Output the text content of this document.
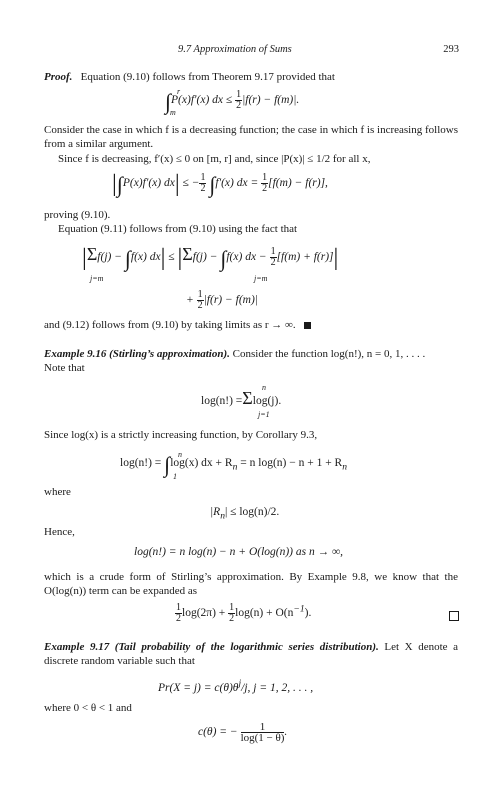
9.7 Approximation of Sums	293
Proof. Equation (9.10) follows from Theorem 9.17 provided that
∫P(x)f′(x) dx ≤ $\frac{1}{2} |f(r) - f(m)|$.
r
m
Consider the case in which f is a decreasing function; the case in which f is increasing follows from a similar argument.
Since f is decreasing, f′(x) ≤ 0 on [m, r] and, since |P(x)| ≤ 1/2 for all x,
|∫P(x)f′(x) dx| ≤ − $\frac{1}{2} \int f'(x)$ dx = $\frac{1}{2} [f(m) - f(r)]$,
proving (9.10).
Equation (9.11) follows from (9.10) using the fact that
|Σf(j) − ∫f(x) dx| ≤ |Σf(j) − ∫f(x) dx − $\frac{1}{2} [f(m) + f(r)]|$
j=m	j=m
+ $\frac{1}{2} |f(r) - f(m)|$
and (9.12) follows from (9.10) by taking limits as r → ∞.
Example 9.16 (Stirling’s approximation). Consider the function log(n!), n = 0, 1, . . . .
Note that
log(n!) =Σlog(j).
n
j=1
Since log(x) is a strictly increasing function, by Corollary 9.3,
log(n!) = ∫log(x) dx + $R_n = n$ $\log(n) - n + 1 + R_n$
n
1
where
$|R_n| \le \log(n)/2$.
Hence,
log(n!) = n log(n) − n + O(log(n)) as n → ∞,
which is a crude form of Stirling’s approximation. By Example 9.8, we know that the O(log(n)) term can be expanded as
$\frac{1}{2} \log(2\pi) + \frac{1}{2} \log(n) + O(n^{-1})$.
Example 9.17 (Tail probability of the logarithmic series distribution). Let X denote a discrete random variable such that
$Pr(X = j) = c(\theta)\theta^j/j$, j = 1, 2, . . . ,
where 0 < θ < 1 and
c(θ) = − $\frac{1}{\log(1 - \theta)}$ .
